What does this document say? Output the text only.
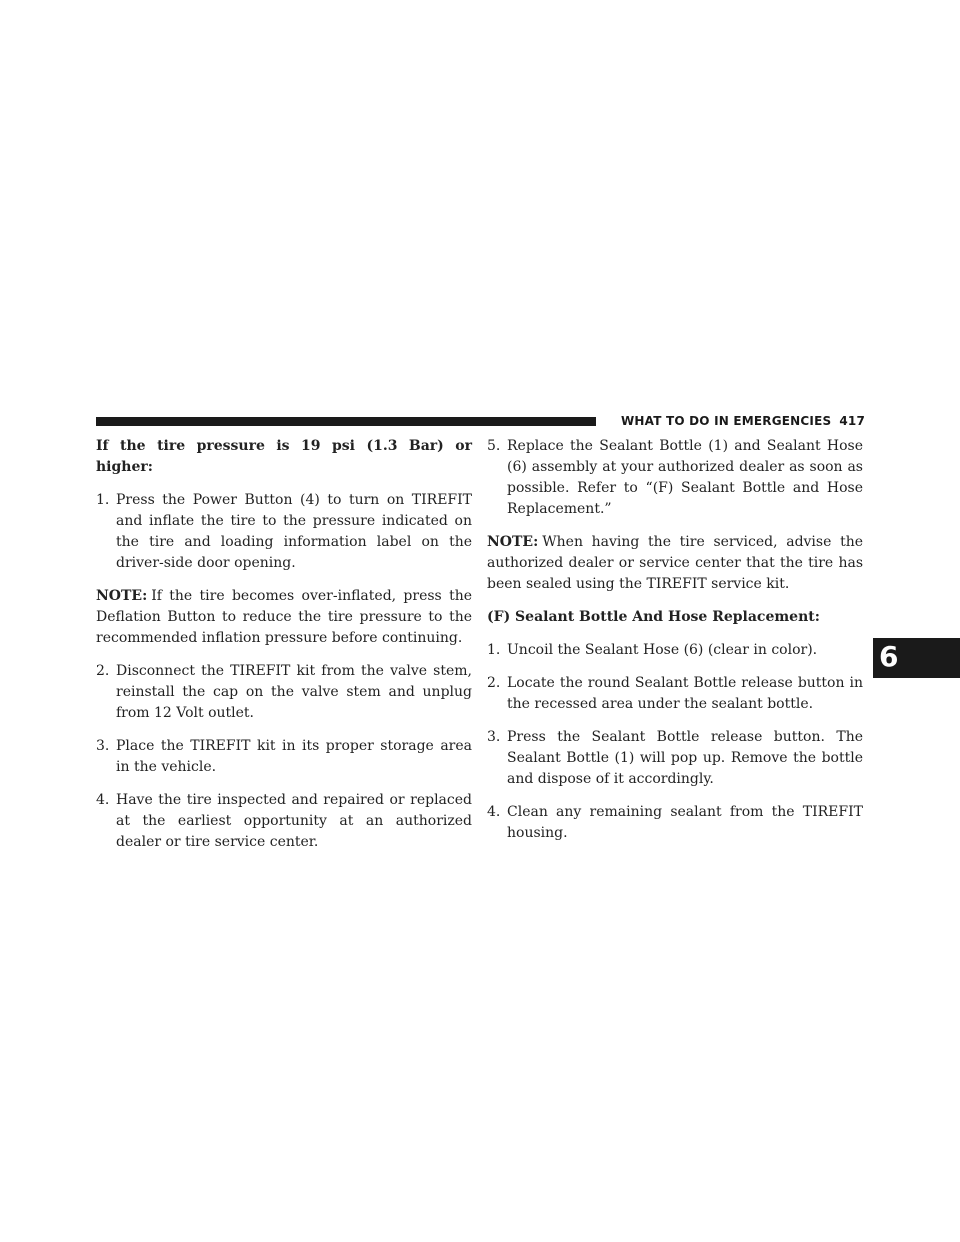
WHAT TO DO IN EMERGENCIES 417
6

If the tire pressure is 19 psi (1.3 Bar) or higher:

1. Press the Power Button (4) to turn on TIREFIT and inflate the tire to the pressure indicated on the tire and loading information label on the driver-side door opening.

NOTE: If the tire becomes over-inflated, press the Deflation Button to reduce the tire pressure to the recommended inflation pressure before continuing.

2. Disconnect the TIREFIT kit from the valve stem, reinstall the cap on the valve stem and unplug from 12 Volt outlet.
3. Place the TIREFIT kit in its proper storage area in the vehicle.
4. Have the tire inspected and repaired or replaced at the earliest opportunity at an authorized dealer or tire service center.
5. Replace the Sealant Bottle (1) and Sealant Hose (6) assembly at your authorized dealer as soon as possible. Refer to “(F) Sealant Bottle and Hose Replacement.”

NOTE: When having the tire serviced, advise the authorized dealer or service center that the tire has been sealed using the TIREFIT service kit.

(F) Sealant Bottle And Hose Replacement:

1. Uncoil the Sealant Hose (6) (clear in color).
2. Locate the round Sealant Bottle release button in the recessed area under the sealant bottle.
3. Press the Sealant Bottle release button. The Sealant Bottle (1) will pop up. Remove the bottle and dispose of it accordingly.
4. Clean any remaining sealant from the TIREFIT housing.
